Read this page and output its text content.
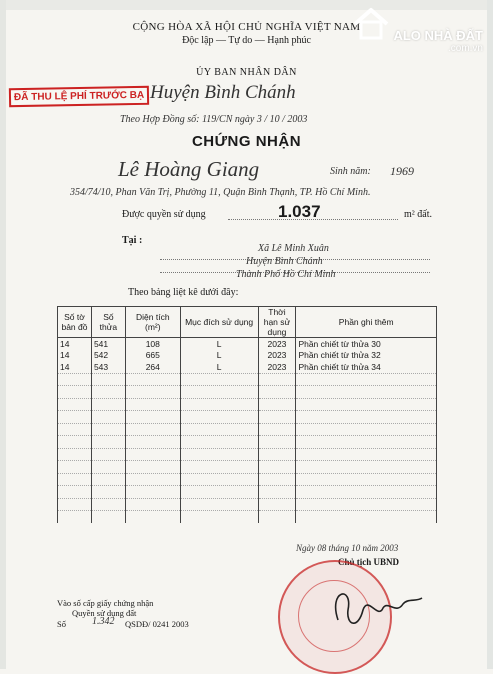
CỘNG HÒA XÃ HỘI CHỦ NGHĨA VIỆT NAM
Độc lập — Tự do — Hạnh phúc	ALO NHÀ ĐẤT
.com.vn
ỦY BAN NHÂN DÂN
ĐÃ THU LỆ PHÍ TRƯỚC BẠ Huyện Bình Chánh
Theo Hợp Đồng số: 119/CN ngày 3 / 10 / 2003
CHỨNG NHẬN
Lê Hoàng Giang	Sinh năm: 1969
354/74/10, Phan Văn Trị, Phường 11, Quận Bình Thạnh, TP. Hồ Chí Minh.
Được quyền sử dụng	1.037	m² đất.
Tại :
Xã Lê Minh Xuân
Huyện Bình Chánh
Thành Phố Hồ Chí Minh
Theo bảng liệt kê dưới đây:
Số tờ bản đồ	Số thửa	Diện tích (m²)	Mục đích sử dụng	Thời hạn sử dụng	Phần ghi thêm
14	541	108	L	2023	Phần chiết từ thửa 30
14	542	665	L	2023	Phần chiết từ thửa 32
14	543	264	L	2023	Phần chiết từ thửa 34

Ngày 08 tháng 10 năm 2003
Chủ tịch UBND
Vào số cấp giấy chứng nhận
Quyền sử dụng đất
Số	1.342 QSDĐ/ 0241 2003
